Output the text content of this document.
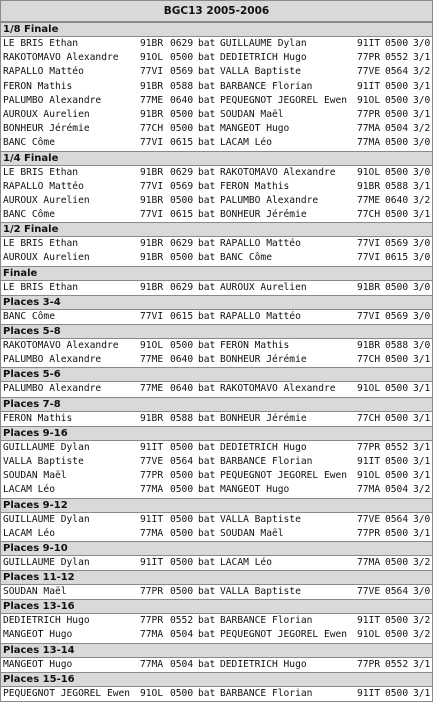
BGC13 2005-2006
1/8 Finale
LE BRIS Ethan	91BR 0629 bat GUILLAUME Dylan	91IT 0500 3/0
RAKOTOMAVO Alexandre 91OL 0500 bat DEDIETRICH Hugo	77PR 0552 3/1
RAPALLO Mattéo	77VI 0569 bat VALLA Baptiste	77VE 0564 3/2
FERON Mathis	91BR 0588 bat BARBANCE Florian	91IT 0500 3/1
PALUMBO Alexandre	77ME 0640 bat PEQUEGNOT JEGOREL Ewen 91OL 0500 3/0
AUROUX Aurelien	91BR 0500 bat SOUDAN Maël	77PR 0500 3/1
BONHEUR Jérémie	77CH 0500 bat MANGEOT Hugo	77MA 0504 3/2
BANC Côme	77VI 0615 bat LACAM Léo	77MA 0500 3/0
1/4 Finale
LE BRIS Ethan	91BR 0629 bat RAKOTOMAVO Alexandre 91OL 0500 3/0
RAPALLO Mattéo	77VI 0569 bat FERON Mathis	91BR 0588 3/1
AUROUX Aurelien	91BR 0500 bat PALUMBO Alexandre	77ME 0640 3/2
BANC Côme	77VI 0615 bat BONHEUR Jérémie	77CH 0500 3/1
1/2 Finale
LE BRIS Ethan	91BR 0629 bat RAPALLO Mattéo	77VI 0569 3/0
AUROUX Aurelien	91BR 0500 bat BANC Côme	77VI 0615 3/0
Finale
LE BRIS Ethan	91BR 0629 bat AUROUX Aurelien	91BR 0500 3/0
Places 3-4
BANC Côme	77VI 0615 bat RAPALLO Mattéo	77VI 0569 3/0
Places 5-8
RAKOTOMAVO Alexandre 91OL 0500 bat FERON Mathis	91BR 0588 3/0
PALUMBO Alexandre	77ME 0640 bat BONHEUR Jérémie	77CH 0500 3/1
Places 5-6
PALUMBO Alexandre	77ME 0640 bat RAKOTOMAVO Alexandre 91OL 0500 3/1
Places 7-8
FERON Mathis	91BR 0588 bat BONHEUR Jérémie	77CH 0500 3/1
Places 9-16
GUILLAUME Dylan	91IT 0500 bat DEDIETRICH Hugo	77PR 0552 3/1
VALLA Baptiste	77VE 0564 bat BARBANCE Florian	91IT 0500 3/1
SOUDAN Maël	77PR 0500 bat PEQUEGNOT JEGOREL Ewen 91OL 0500 3/1
LACAM Léo	77MA 0500 bat MANGEOT Hugo	77MA 0504 3/2
Places 9-12
GUILLAUME Dylan	91IT 0500 bat VALLA Baptiste	77VE 0564 3/0
LACAM Léo	77MA 0500 bat SOUDAN Maël	77PR 0500 3/1
Places 9-10
GUILLAUME Dylan	91IT 0500 bat LACAM Léo	77MA 0500 3/2
Places 11-12
SOUDAN Maël	77PR 0500 bat VALLA Baptiste	77VE 0564 3/0
Places 13-16
DEDIETRICH Hugo	77PR 0552 bat BARBANCE Florian	91IT 0500 3/2
MANGEOT Hugo	77MA 0504 bat PEQUEGNOT JEGOREL Ewen 91OL 0500 3/2
Places 13-14
MANGEOT Hugo	77MA 0504 bat DEDIETRICH Hugo	77PR 0552 3/1
Places 15-16
PEQUEGNOT JEGOREL Ewen 91OL 0500 bat BARBANCE Florian	91IT 0500 3/1
